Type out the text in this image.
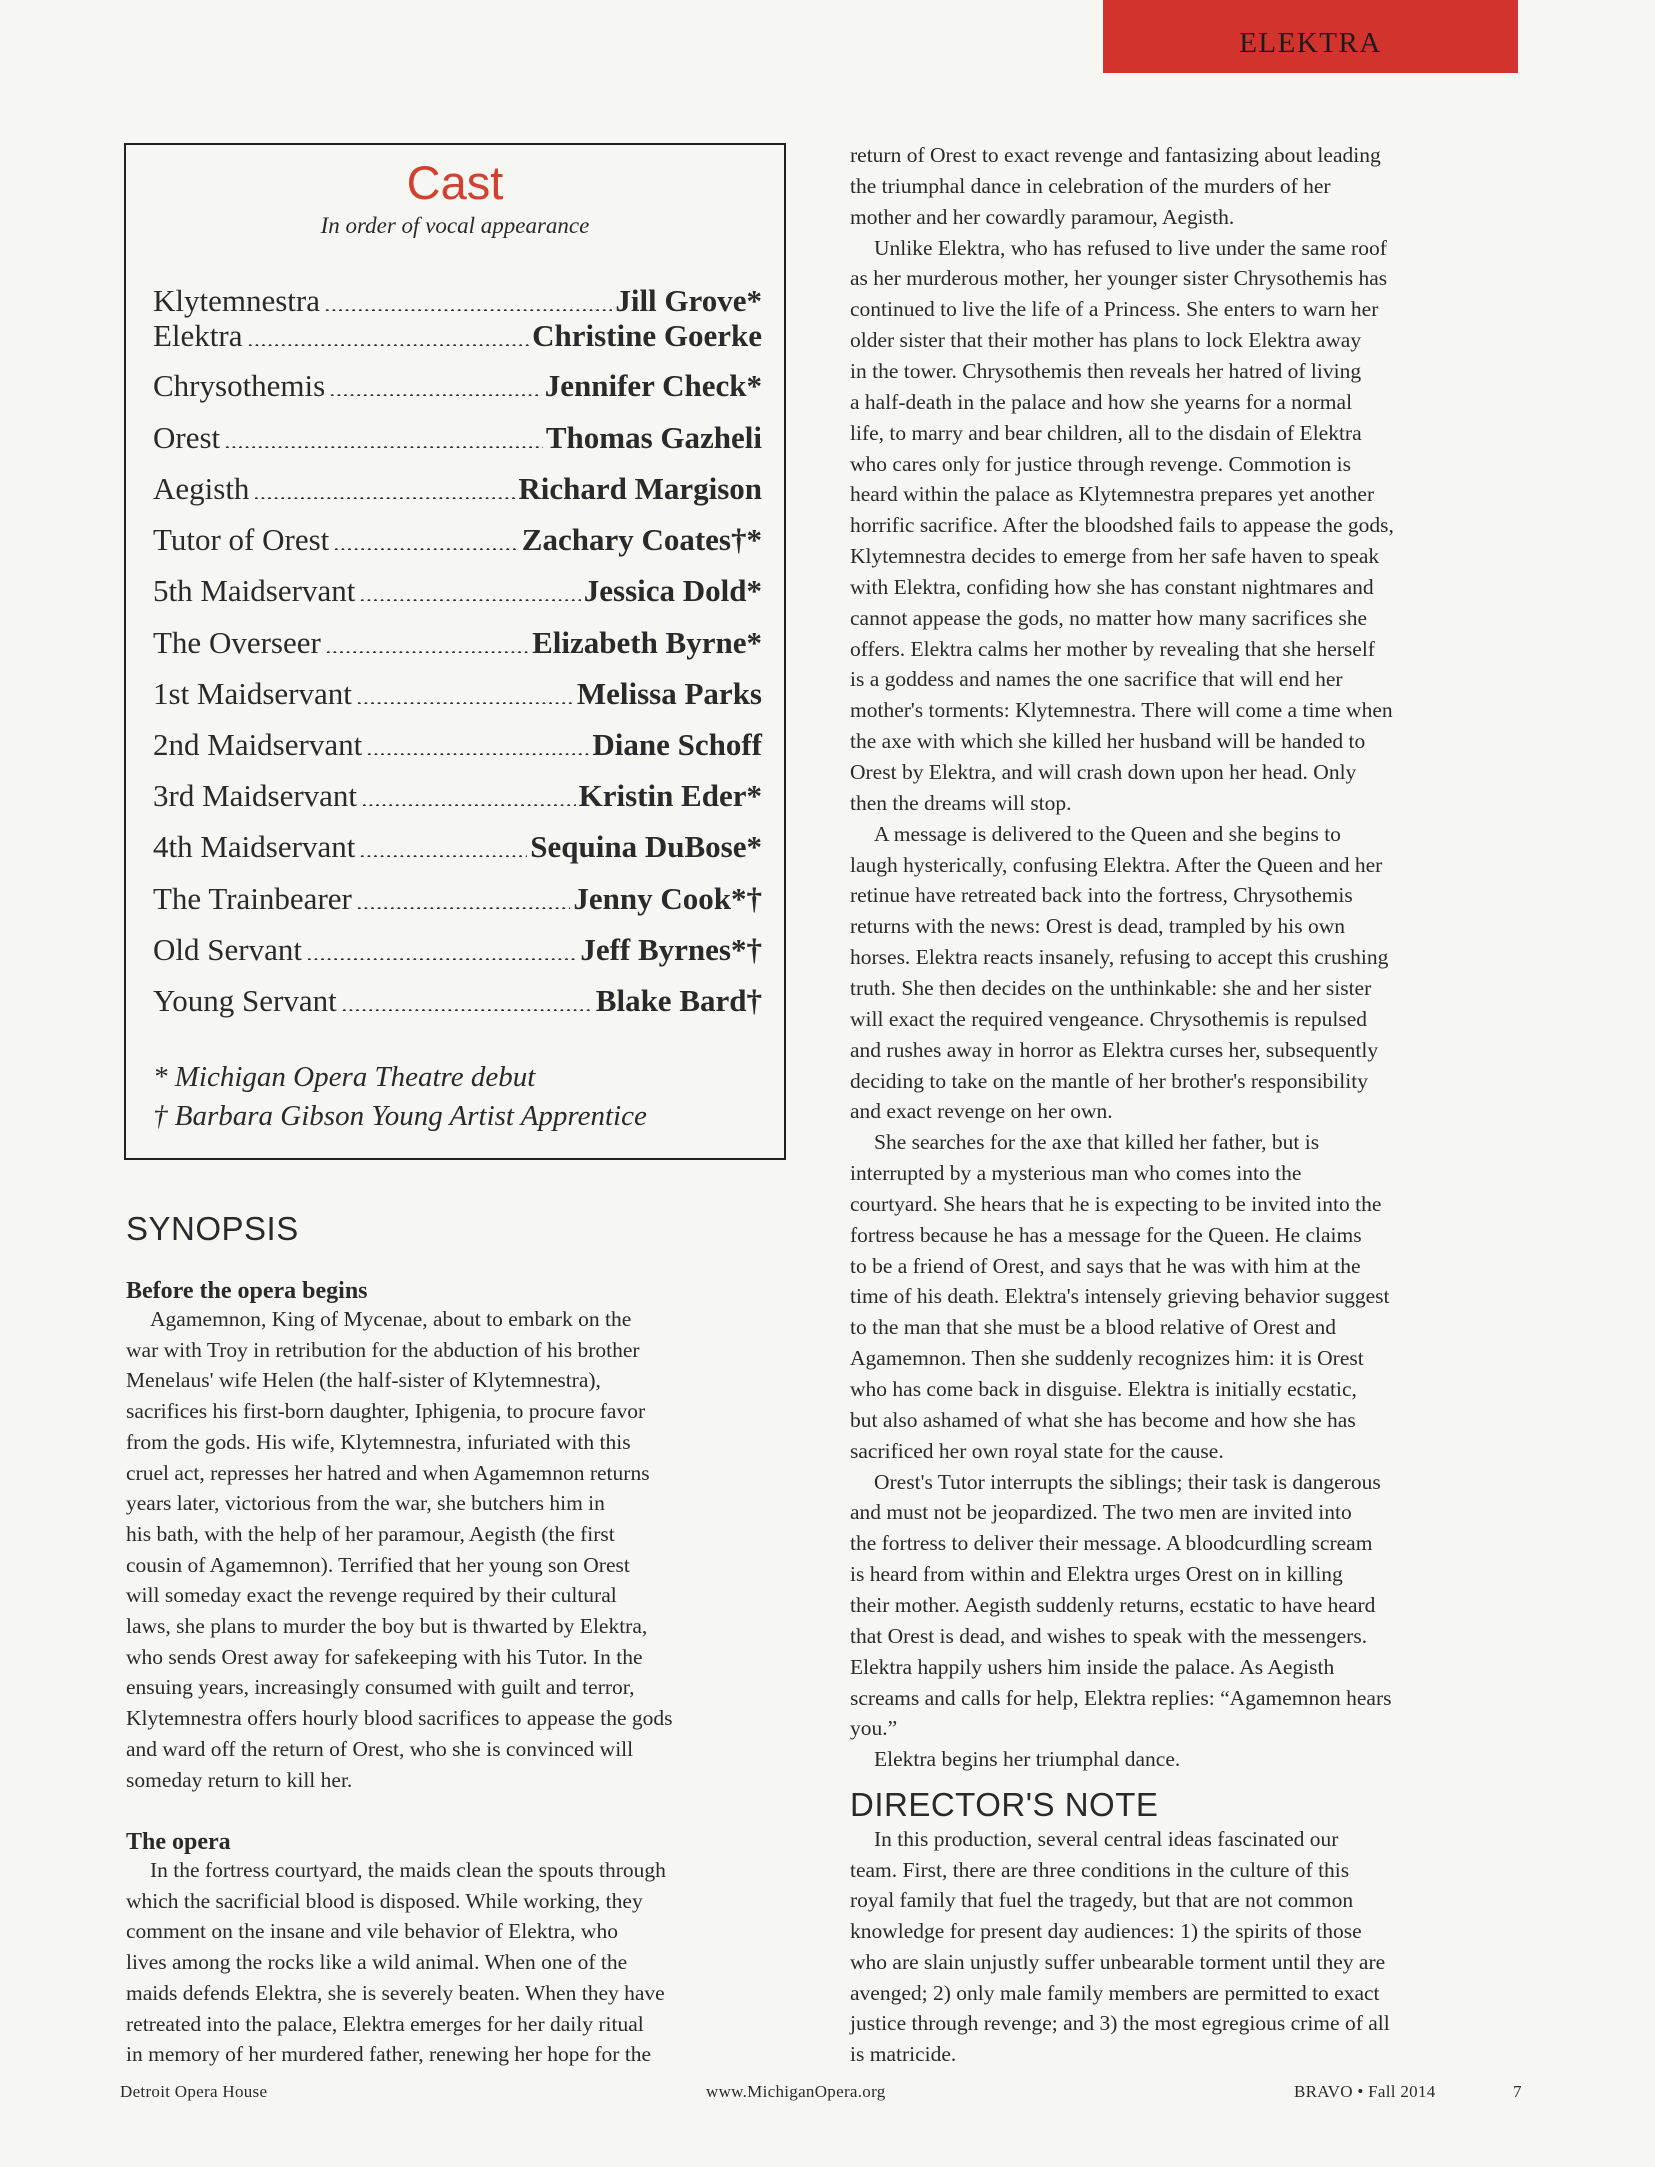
ELEKTRA
Cast
In order of vocal appearance
Klytemnestra	Jill Grove*
Elektra	Christine Goerke
Chrysothemis	Jennifer Check*
Orest	Thomas Gazheli
Aegisth	Richard Margison
Tutor of Orest	Zachary Coates†*
5th Maidservant	Jessica Dold*
The Overseer	Elizabeth Byrne*
1st Maidservant	Melissa Parks
2nd Maidservant	Diane Schoff
3rd Maidservant	Kristin Eder*
4th Maidservant	Sequina DuBose*
The Trainbearer	Jenny Cook*†
Old Servant	Jeff Byrnes*†
Young Servant	Blake Bard†
* Michigan Opera Theatre debut
† Barbara Gibson Young Artist Apprentice
SYNOPSIS
Before the opera begins
The opera
DIRECTOR'S NOTE
Agamemnon, King of Mycenae, about to embark on the
war with Troy in retribution for the abduction of his brother
Menelaus' wife Helen (the half-sister of Klytemnestra),
sacrifices his first-born daughter, Iphigenia, to procure favor
from the gods. His wife, Klytemnestra, infuriated with this
cruel act, represses her hatred and when Agamemnon returns
years later, victorious from the war, she butchers him in
his bath, with the help of her paramour, Aegisth (the first
cousin of Agamemnon). Terrified that her young son Orest
will someday exact the revenge required by their cultural
laws, she plans to murder the boy but is thwarted by Elektra,
who sends Orest away for safekeeping with his Tutor. In the
ensuing years, increasingly consumed with guilt and terror,
Klytemnestra offers hourly blood sacrifices to appease the gods
and ward off the return of Orest, who she is convinced will
someday return to kill her.
In the fortress courtyard, the maids clean the spouts through
which the sacrificial blood is disposed. While working, they
comment on the insane and vile behavior of Elektra, who
lives among the rocks like a wild animal. When one of the
maids defends Elektra, she is severely beaten. When they have
retreated into the palace, Elektra emerges for her daily ritual
in memory of her murdered father, renewing her hope for the
return of Orest to exact revenge and fantasizing about leading
the triumphal dance in celebration of the murders of her
mother and her cowardly paramour, Aegisth.
Unlike Elektra, who has refused to live under the same roof
as her murderous mother, her younger sister Chrysothemis has
continued to live the life of a Princess. She enters to warn her
older sister that their mother has plans to lock Elektra away
in the tower. Chrysothemis then reveals her hatred of living
a half-death in the palace and how she yearns for a normal
life, to marry and bear children, all to the disdain of Elektra
who cares only for justice through revenge. Commotion is
heard within the palace as Klytemnestra prepares yet another
horrific sacrifice. After the bloodshed fails to appease the gods,
Klytemnestra decides to emerge from her safe haven to speak
with Elektra, confiding how she has constant nightmares and
cannot appease the gods, no matter how many sacrifices she
offers. Elektra calms her mother by revealing that she herself
is a goddess and names the one sacrifice that will end her
mother's torments: Klytemnestra. There will come a time when
the axe with which she killed her husband will be handed to
Orest by Elektra, and will crash down upon her head. Only
then the dreams will stop.
A message is delivered to the Queen and she begins to
laugh hysterically, confusing Elektra. After the Queen and her
retinue have retreated back into the fortress, Chrysothemis
returns with the news: Orest is dead, trampled by his own
horses. Elektra reacts insanely, refusing to accept this crushing
truth. She then decides on the unthinkable: she and her sister
will exact the required vengeance. Chrysothemis is repulsed
and rushes away in horror as Elektra curses her, subsequently
deciding to take on the mantle of her brother's responsibility
and exact revenge on her own.
She searches for the axe that killed her father, but is
interrupted by a mysterious man who comes into the
courtyard. She hears that he is expecting to be invited into the
fortress because he has a message for the Queen. He claims
to be a friend of Orest, and says that he was with him at the
time of his death. Elektra's intensely grieving behavior suggest
to the man that she must be a blood relative of Orest and
Agamemnon. Then she suddenly recognizes him: it is Orest
who has come back in disguise. Elektra is initially ecstatic,
but also ashamed of what she has become and how she has
sacrificed her own royal state for the cause.
Orest's Tutor interrupts the siblings; their task is dangerous
and must not be jeopardized. The two men are invited into
the fortress to deliver their message. A bloodcurdling scream
is heard from within and Elektra urges Orest on in killing
their mother. Aegisth suddenly returns, ecstatic to have heard
that Orest is dead, and wishes to speak with the messengers.
Elektra happily ushers him inside the palace. As Aegisth
screams and calls for help, Elektra replies: “Agamemnon hears
you.”
Elektra begins her triumphal dance.
In this production, several central ideas fascinated our
team. First, there are three conditions in the culture of this
royal family that fuel the tragedy, but that are not common
knowledge for present day audiences: 1) the spirits of those
who are slain unjustly suffer unbearable torment until they are
avenged; 2) only male family members are permitted to exact
justice through revenge; and 3) the most egregious crime of all
is matricide.
Detroit Opera House	www.MichiganOpera.org	BRAVO • Fall 2014	7
